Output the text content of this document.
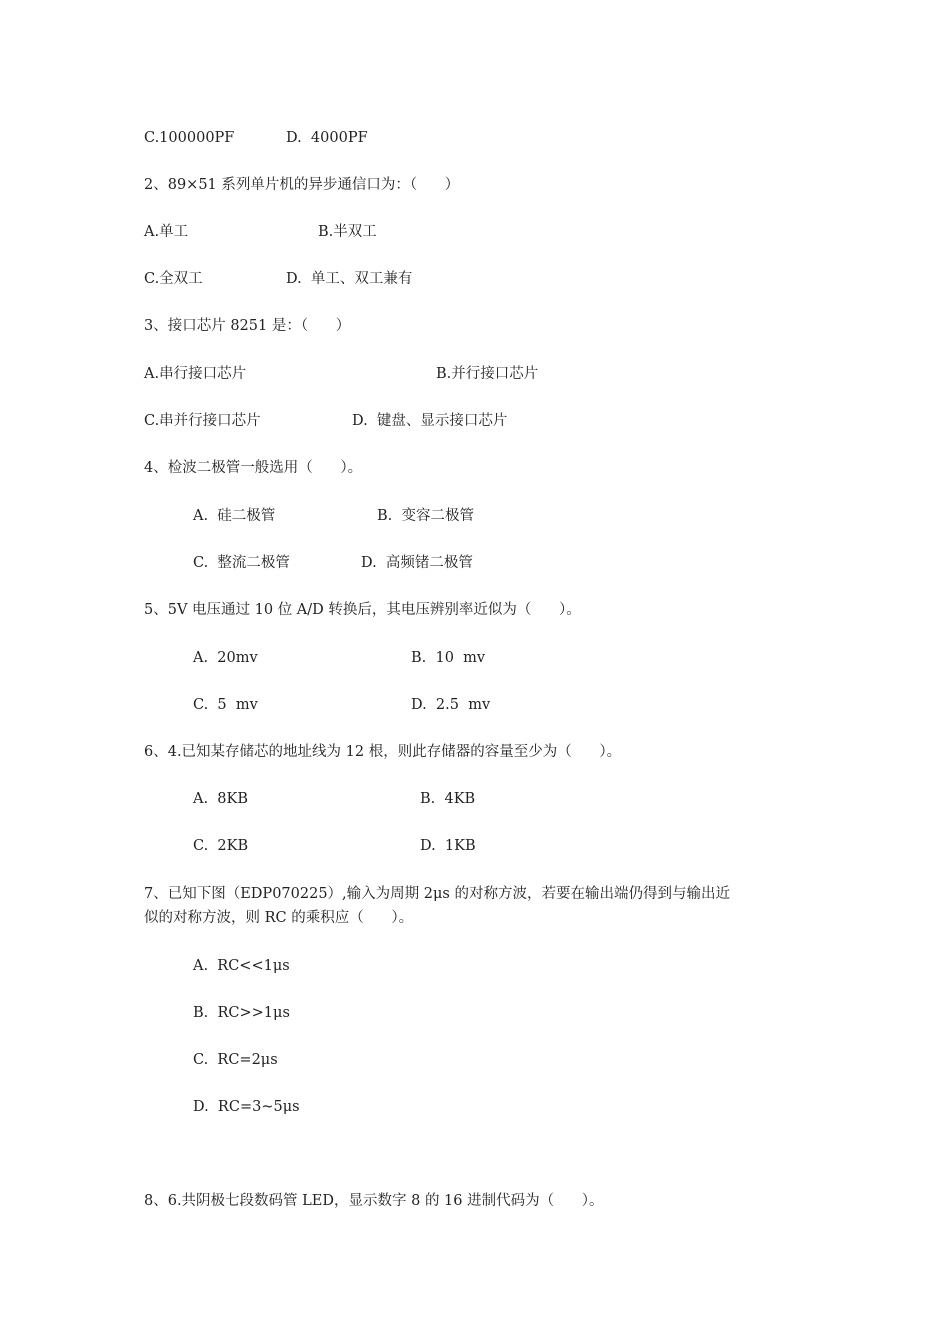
C.100000PF	D.  4000PF
2、89×51 系列单片机的异步通信口为：（      ）
A.单工	B.半双工
C.全双工	D.  单工、双工兼有
3、接口芯片 8251 是：（      ）
A.串行接口芯片	B.并行接口芯片
C.串并行接口芯片	D.  键盘、显示接口芯片
4、检波二极管一般选用（      ）。
A.  硅二极管	B.  变容二极管
C.  整流二极管	D.  高频锗二极管
5、5V 电压通过 10 位 A/D 转换后，其电压辨别率近似为（      ）。
A.  20mv	B.  10  mv
C.  5  mv	D.  2.5  mv
6、4.已知某存储芯的地址线为 12 根，则此存储器的容量至少为（      ）。
A.  8KB	B.  4KB
C.  2KB	D.  1KB
7、已知下图（EDP070225）,输入为周期 2μs 的对称方波，若要在输出端仍得到与输出近
似的对称方波，则 RC 的乘积应（      ）。
A.  RC<<1μs
B.  RC>>1μs
C.  RC=2μs
D.  RC=3~5μs
8、6.共阴极七段数码管 LED，显示数字 8 的 16 进制代码为（      ）。
